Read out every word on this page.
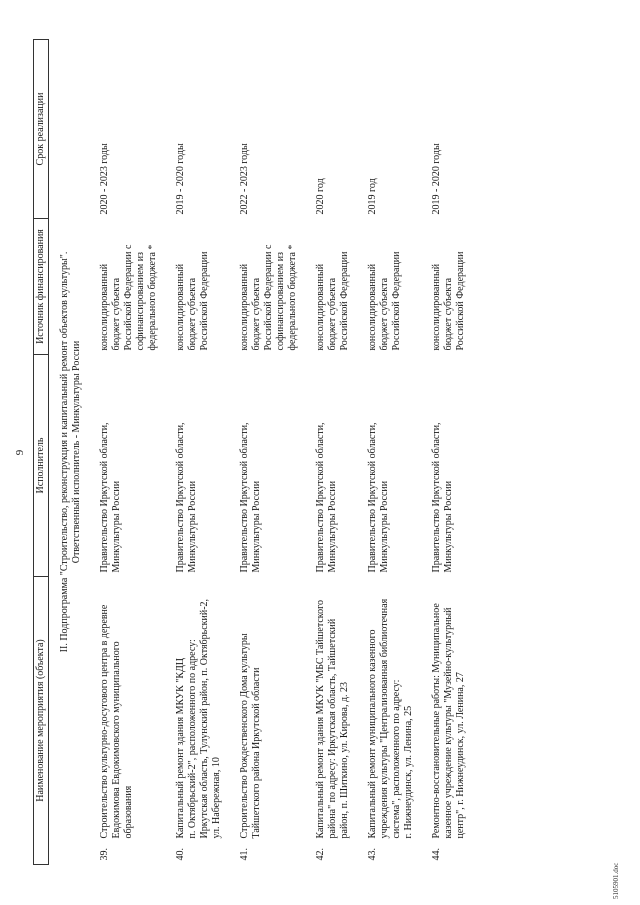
9
Наименование мероприятия (объекта)		Исполнитель	Источник финансирования	Срок реализации

II. Подпрограмма "Строительство, реконструкция и капитальный ремонт объектов культуры". Ответственный исполнитель - Минкультуры России				

39.	Строительство культурно-досугового центра в деревне Евдокимова Евдокимовского муниципального образования	Правительство Иркутской области, Минкультуры России	консолидированный бюджет субъекта Российской Федерации с софинансированием из федерального бюджета *	2020 - 2023 годы
40.	Капитальный ремонт здания МКУК "КДЦ п. Октябрьский-2", расположенного по адресу: Иркутская область, Тулунский район, п. Октябрьский-2, ул. Набережная, 10	Правительство Иркутской области, Минкультуры России	консолидированный бюджет субъекта Российской Федерации	2019 - 2020 годы
41.	Строительство Рождественского Дома культуры Тайшетского района Иркутской области	Правительство Иркутской области, Минкультуры России	консолидированный бюджет субъекта Российской Федерации с софинансированием из федерального бюджета *	2022 - 2023 годы
42.	Капитальный ремонт здания МКУК "МБС Тайшетского района" по адресу: Иркутская область, Тайшетский район, п. Шиткино, ул. Кирова, д. 23	Правительство Иркутской области, Минкультуры России	консолидированный бюджет субъекта Российской Федерации	2020 год
43.	Капитальный ремонт муниципального казенного учреждения культуры "Централизованная библиотечная система", расположенного по адресу: г. Нижнеудинск, ул. Ленина, 25	Правительство Иркутской области, Минкультуры России	консолидированный бюджет субъекта Российской Федерации	2019 год
44.	Ремонтно-восстановительные работы: Муниципальное казенное учреждение культуры "Музейно-культурный центр", г. Нижнеудинск, ул. Ленина, 27	Правительство Иркутской области, Минкультуры России	консолидированный бюджет субъекта Российской Федерации	2019 - 2020 годы
5105901.doc
